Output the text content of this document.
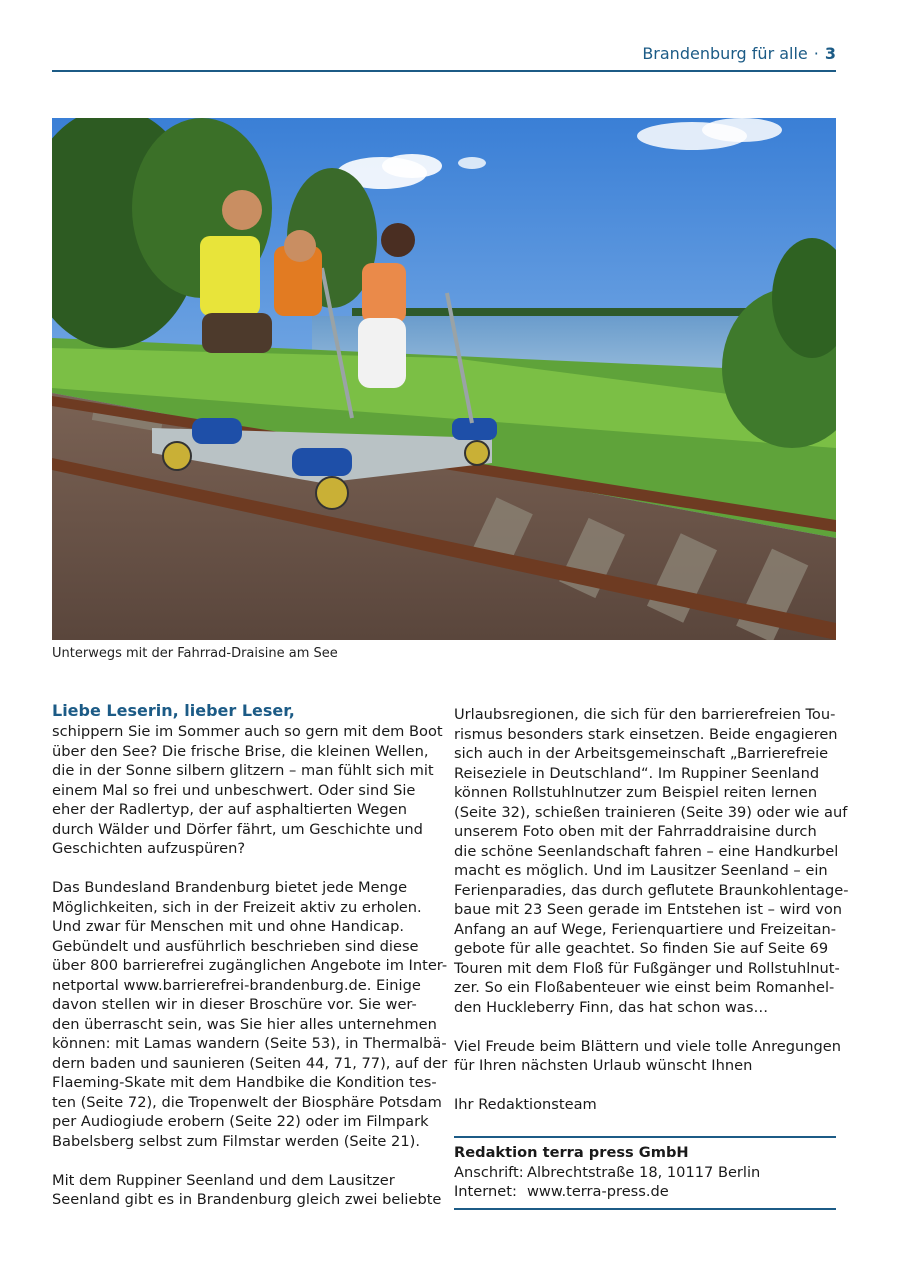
Brandenburg für alle · 3
Unterwegs mit der Fahrrad-Draisine am See
Liebe Leserin, lieber Leser,
schippern Sie im Sommer auch so gern mit dem Boot
über den See? Die frische Brise, die kleinen Wellen,
die in der Sonne silbern glitzern – man fühlt sich mit
einem Mal so frei und unbeschwert. Oder sind Sie
eher der Radlertyp, der auf asphaltierten Wegen
durch Wälder und Dörfer fährt, um Geschichte und
Geschichten aufzuspüren?
Das Bundesland Brandenburg bietet jede Menge
Möglichkeiten, sich in der Freizeit aktiv zu erholen.
Und zwar für Menschen mit und ohne Handicap.
Gebündelt und ausführlich beschrieben sind diese
über 800 barrierefrei zugänglichen Angebote im Inter-
netportal www.barrierefrei-brandenburg.de. Einige
davon stellen wir in dieser Broschüre vor. Sie wer-
den überrascht sein, was Sie hier alles unternehmen
können: mit Lamas wandern (Seite 53), in Thermalbä-
dern baden und saunieren (Seiten 44, 71, 77), auf der
Flaeming-Skate mit dem Handbike die Kondition tes-
ten (Seite 72), die Tropenwelt der Biosphäre Potsdam
per Audiogiude erobern (Seite 22) oder im Filmpark
Babelsberg selbst zum Filmstar werden (Seite 21).
Mit dem Ruppiner Seenland und dem Lausitzer
Seenland gibt es in Brandenburg gleich zwei beliebte
Urlaubsregionen, die sich für den barrierefreien Tou-
rismus besonders stark einsetzen. Beide engagieren
sich auch in der Arbeitsgemeinschaft „Barrierefreie
Reiseziele in Deutschland“. Im Ruppiner Seenland
können Rollstuhlnutzer zum Beispiel reiten lernen
(Seite 32), schießen trainieren (Seite 39) oder wie auf
unserem Foto oben mit der Fahrraddraisine durch
die schöne Seenlandschaft fahren – eine Handkurbel
macht es möglich. Und im Lausitzer Seenland – ein
Ferienparadies, das durch geflutete Braunkohlentage-
baue mit 23 Seen gerade im Entstehen ist – wird von
Anfang an auf Wege, Ferienquartiere und Freizeitan-
gebote für alle geachtet. So finden Sie auf Seite 69
Touren mit dem Floß für Fußgänger und Rollstuhlnut-
zer. So ein Floßabenteuer wie einst beim Romanhel-
den Huckleberry Finn, das hat schon was…
Viel Freude beim Blättern und viele tolle Anregungen
für Ihren nächsten Urlaub wünscht Ihnen
Ihr Redaktionsteam
Redaktion terra press GmbH
Anschrift: Albrechtstraße 18, 10117 Berlin
Internet: www.terra-press.de
